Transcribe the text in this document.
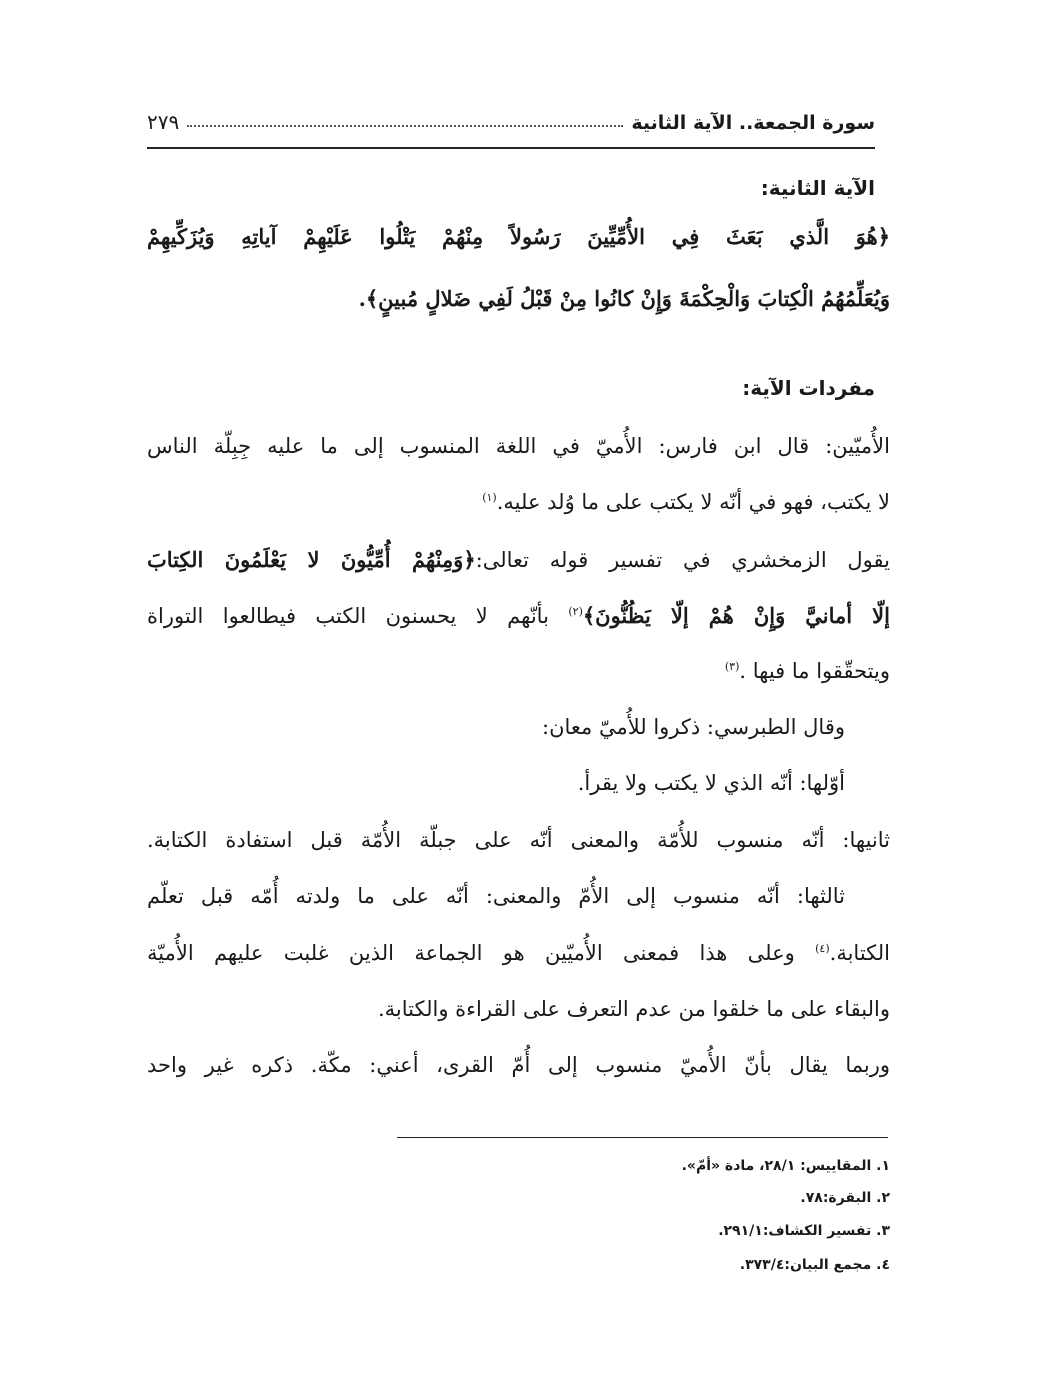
سورة الجمعة.. الآية الثانية
٢٧٩
الآية الثانية:
﴿هُوَ الَّذي بَعَثَ فِي الأُمِّيِّينَ رَسُولاً مِنْهُمْ يَتْلُوا عَلَيْهِمْ آياتِهِ وَيُزَكِّيهِمْ
وَيُعَلِّمُهُمُ الْكِتابَ وَالْحِكْمَةَ وَإِنْ كانُوا مِنْ قَبْلُ لَفِي ضَلالٍ مُبينٍ﴾.
مفردات الآية:
الأُميّين: قال ابن فارس: الأُميّ في اللغة المنسوب إلى ما عليه جِبِلّة الناس
لا يكتب، فهو في أنّه لا يكتب على ما وُلد عليه.$^{(١)}$
يقول الزمخشري في تفسير قوله تعالى:﴿وَمِنْهُمْ أُمِّيُّونَ لا يَعْلَمُونَ الكِتابَ
إلّا أمانيَّ وَإِنْ هُمْ إلّا يَظُنُّونَ﴾$^{(٢)}$ بأنّهم لا يحسنون الكتب فيطالعوا التوراة
ويتحقّقوا ما فيها .$^{(٣)}$
وقال الطبرسي: ذكروا للأُميّ معان:
أوّلها: أنّه الذي لا يكتب ولا يقرأ.
ثانيها: أنّه منسوب للأُمّة والمعنى أنّه على جبلّة الأُمّة قبل استفادة الكتابة.
ثالثها: أنّه منسوب إلى الأُمّ والمعنى: أنّه على ما ولدته أُمّه قبل تعلّم
الكتابة.$^{(٤)}$ وعلى هذا فمعنى الأُميّين هو الجماعة الذين غلبت عليهم الأُميّة
والبقاء على ما خلقوا من عدم التعرف على القراءة والكتابة.
وربما يقال بأنّ الأُميّ منسوب إلى أُمّ القرى، أعني: مكّة. ذكره غير واحد
١. المقاييس: ٢٨/١، مادة «أمّ».
٢. البقرة:٧٨.
٣. تفسير الكشاف:٢٩١/١.
٤. مجمع البيان:٣٧٣/٤.
